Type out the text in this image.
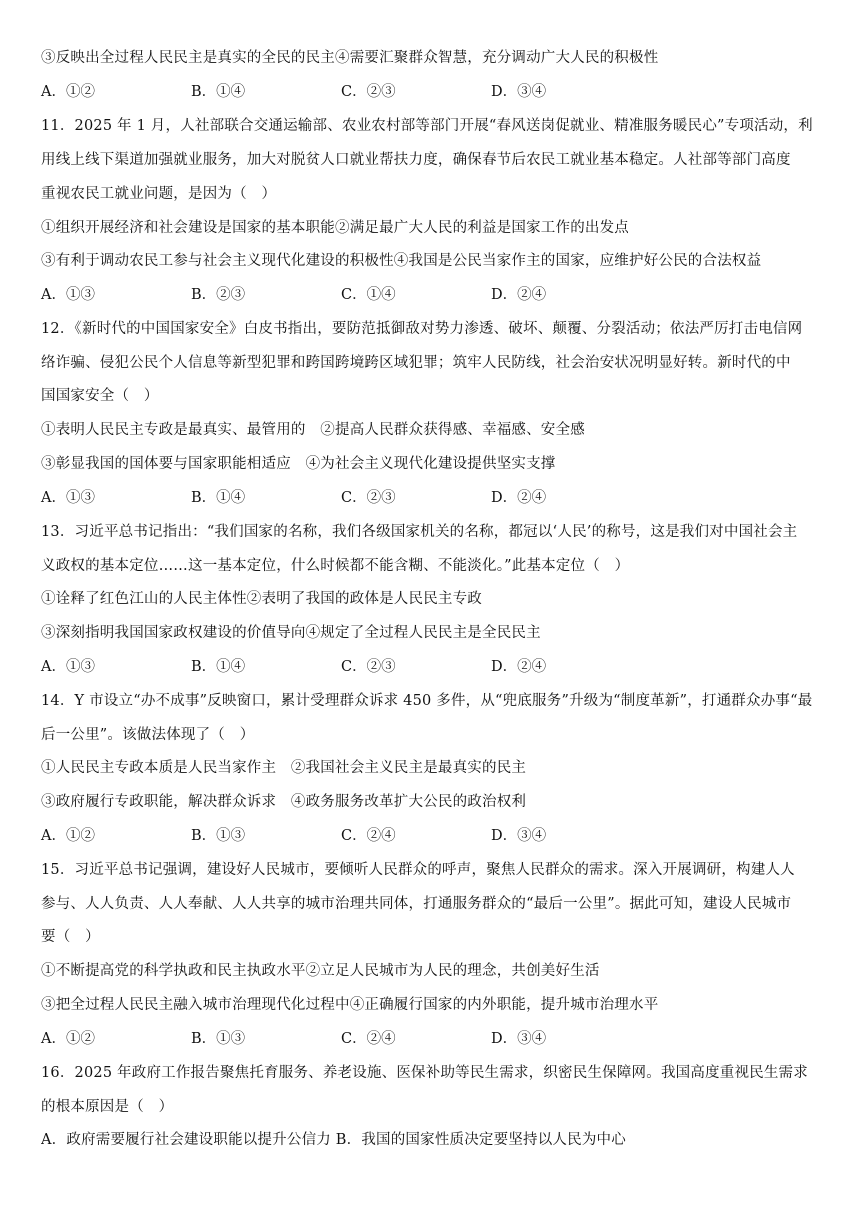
③反映出全过程人民民主是真实的全民的民主④需要汇聚群众智慧，充分调动广大人民的积极性
A．①②	B．①④	C．②③	D．③④
11．2025 年 1 月，人社部联合交通运输部、农业农村部等部门开展“春风送岗促就业、精准服务暖民心”专项活动，利
用线上线下渠道加强就业服务，加大对脱贫人口就业帮扶力度，确保春节后农民工就业基本稳定。人社部等部门高度
重视农民工就业问题，是因为（　）
①组织开展经济和社会建设是国家的基本职能②满足最广大人民的利益是国家工作的出发点
③有利于调动农民工参与社会主义现代化建设的积极性④我国是公民当家作主的国家，应维护好公民的合法权益
A．①③	B．②③	C．①④	D．②④
12．《新时代的中国国家安全》白皮书指出，要防范抵御敌对势力渗透、破坏、颠覆、分裂活动；依法严厉打击电信网
络诈骗、侵犯公民个人信息等新型犯罪和跨国跨境跨区域犯罪；筑牢人民防线，社会治安状况明显好转。新时代的中
国国家安全（　）
①表明人民民主专政是最真实、最管用的　②提高人民群众获得感、幸福感、安全感
③彰显我国的国体要与国家职能相适应　④为社会主义现代化建设提供坚实支撑
A．①③	B．①④	C．②③	D．②④
13．习近平总书记指出：“我们国家的名称，我们各级国家机关的名称，都冠以‘人民’的称号，这是我们对中国社会主
义政权的基本定位……这一基本定位，什么时候都不能含糊、不能淡化。”此基本定位（　）
①诠释了红色江山的人民主体性②表明了我国的政体是人民民主专政
③深刻指明我国国家政权建设的价值导向④规定了全过程人民民主是全民民主
A．①③	B．①④	C．②③	D．②④
14．Y 市设立“办不成事”反映窗口，累计受理群众诉求 450 多件，从“兜底服务”升级为“制度革新”，打通群众办事“最
后一公里”。该做法体现了（　）
①人民民主专政本质是人民当家作主　②我国社会主义民主是最真实的民主
③政府履行专政职能，解决群众诉求　④政务服务改革扩大公民的政治权利
A．①②	B．①③	C．②④	D．③④
15．习近平总书记强调，建设好人民城市，要倾听人民群众的呼声，聚焦人民群众的需求。深入开展调研，构建人人
参与、人人负责、人人奉献、人人共享的城市治理共同体，打通服务群众的“最后一公里”。据此可知，建设人民城市
要（　）
①不断提高党的科学执政和民主执政水平②立足人民城市为人民的理念，共创美好生活
③把全过程人民民主融入城市治理现代化过程中④正确履行国家的内外职能，提升城市治理水平
A．①②	B．①③	C．②④	D．③④
16．2025 年政府工作报告聚焦托育服务、养老设施、医保补助等民生需求，织密民生保障网。我国高度重视民生需求
的根本原因是（　）
A．政府需要履行社会建设职能以提升公信力 B．我国的国家性质决定要坚持以人民为中心
